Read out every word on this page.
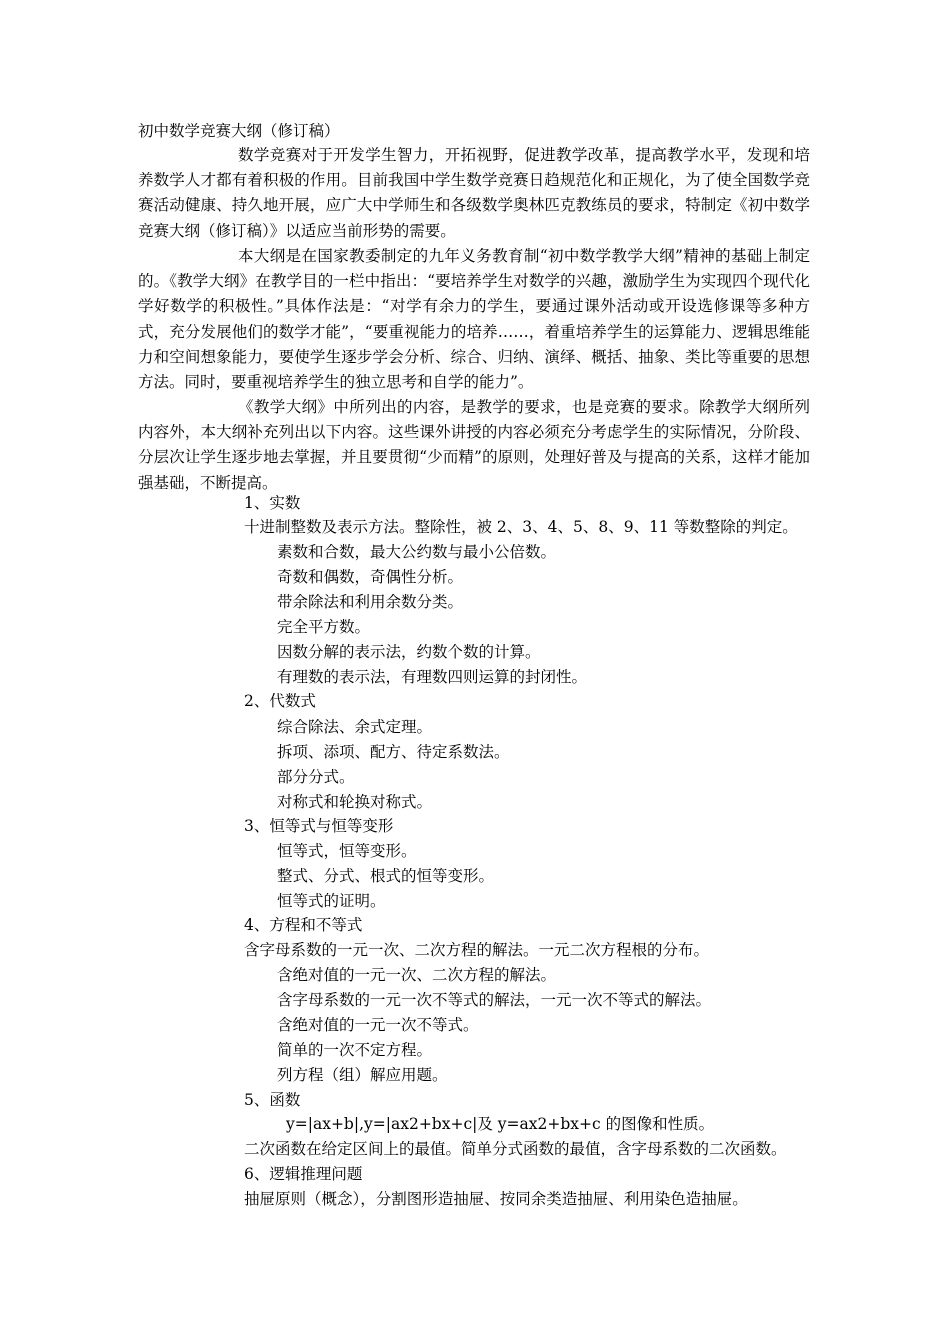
初中数学竞赛大纲（修订稿）

数学竞赛对于开发学生智力，开拓视野，促进教学改革，提高教学水平，发现和培养数学人才都有着积极的作用。目前我国中学生数学竞赛日趋规范化和正规化，为了使全国数学竞赛活动健康、持久地开展，应广大中学师生和各级数学奥林匹克教练员的要求，特制定《初中数学竞赛大纲（修订稿）》以适应当前形势的需要。

本大纲是在国家教委制定的九年义务教育制“初中数学教学大纲”精神的基础上制定的。《教学大纲》在教学目的一栏中指出：“要培养学生对数学的兴趣，激励学生为实现四个现代化学好数学的积极性。”具体作法是：“对学有余力的学生，要通过课外活动或开设选修课等多种方式，充分发展他们的数学才能”，“要重视能力的培养……，着重培养学生的运算能力、逻辑思维能力和空间想象能力，要使学生逐步学会分析、综合、归纳、演绎、概括、抽象、类比等重要的思想方法。同时，要重视培养学生的独立思考和自学的能力”。

《教学大纲》中所列出的内容，是教学的要求，也是竞赛的要求。除教学大纲所列内容外，本大纲补充列出以下内容。这些课外讲授的内容必须充分考虑学生的实际情况，分阶段、分层次让学生逐步地去掌握，并且要贯彻“少而精”的原则，处理好普及与提高的关系，这样才能加强基础，不断提高。

1、实数
十进制整数及表示方法。整除性，被 2、3、4、5、8、9、11 等数整除的判定。
素数和合数，最大公约数与最小公倍数。
奇数和偶数，奇偶性分析。
带余除法和利用余数分类。
完全平方数。
因数分解的表示法，约数个数的计算。
有理数的表示法，有理数四则运算的封闭性。
2、代数式
综合除法、余式定理。
拆项、添项、配方、待定系数法。
部分分式。
对称式和轮换对称式。
3、恒等式与恒等变形
恒等式，恒等变形。
整式、分式、根式的恒等变形。
恒等式的证明。
4、方程和不等式
含字母系数的一元一次、二次方程的解法。一元二次方程根的分布。
含绝对值的一元一次、二次方程的解法。
含字母系数的一元一次不等式的解法，一元一次不等式的解法。
含绝对值的一元一次不等式。
简单的一次不定方程。
列方程（组）解应用题。
5、函数
y=|ax+b|,y=|ax2+bx+c|及 y=ax2+bx+c 的图像和性质。
二次函数在给定区间上的最值。简单分式函数的最值，含字母系数的二次函数。
6、逻辑推理问题
抽屉原则（概念），分割图形造抽屉、按同余类造抽屉、利用染色造抽屉。
